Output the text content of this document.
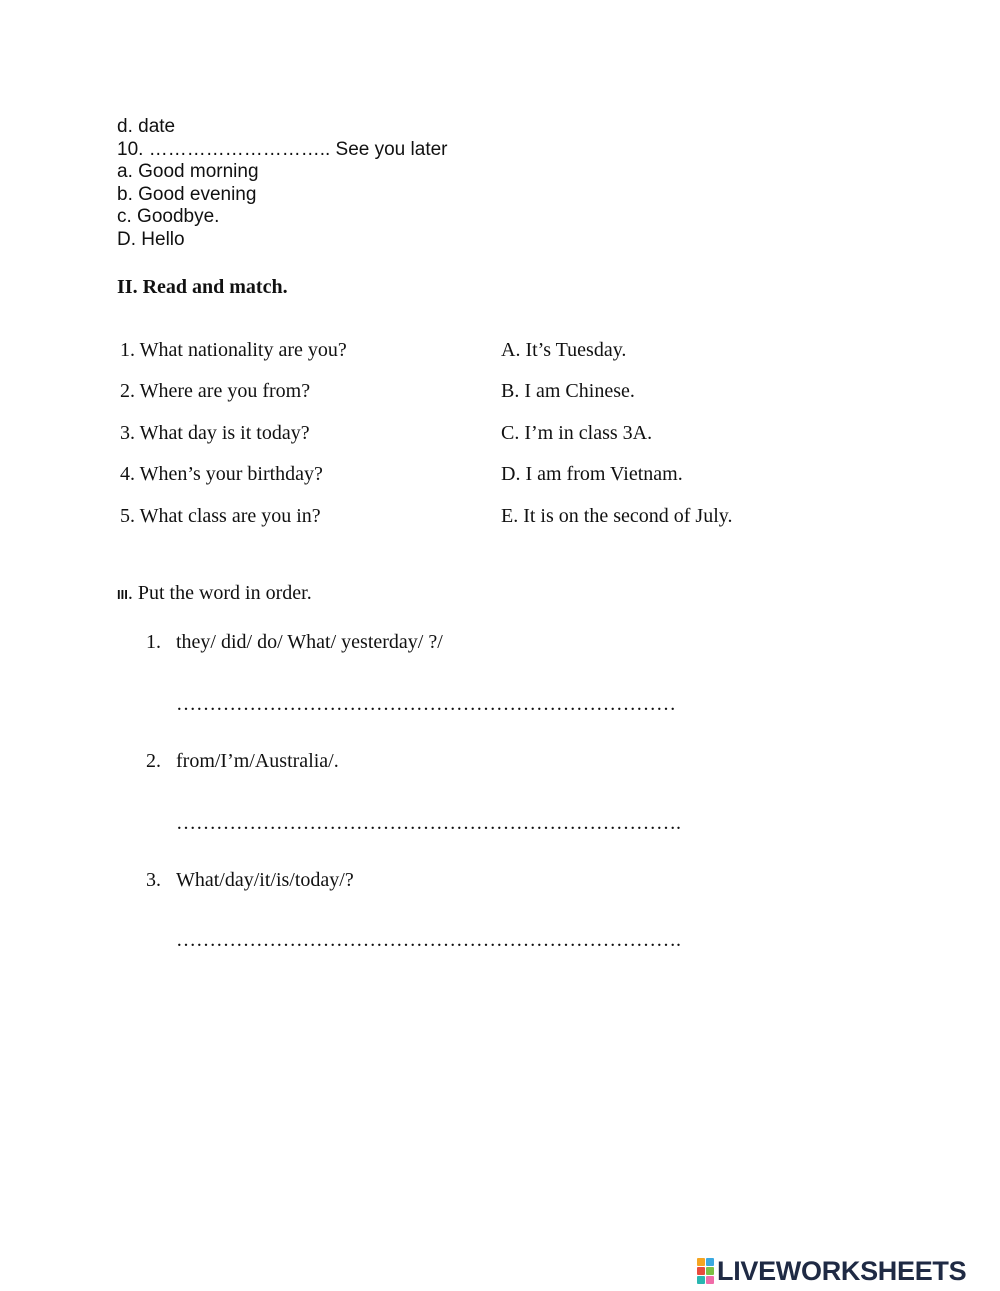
d. date
10. ……………………….. See you later
a. Good morning
b. Good evening
c. Goodbye.
D. Hello
II. Read and match.
1. What nationality are you?	A. It’s Tuesday.
2. Where are you from?	B. I am Chinese.
3. What day is it today?	C. I’m in class 3A.
4. When’s your birthday?	D. I am from Vietnam.
5. What class are you in?	E. It is on the second of July.
III. Put the word in order.
1. they/ did/ do/ What/ yesterday/ ?/
…………………………………………………………………
2. from/I’m/Australia/.
………………………………………………………………….
3. What/day/it/is/today/?
………………………………………………………………….
LIVEWORKSHEETS
